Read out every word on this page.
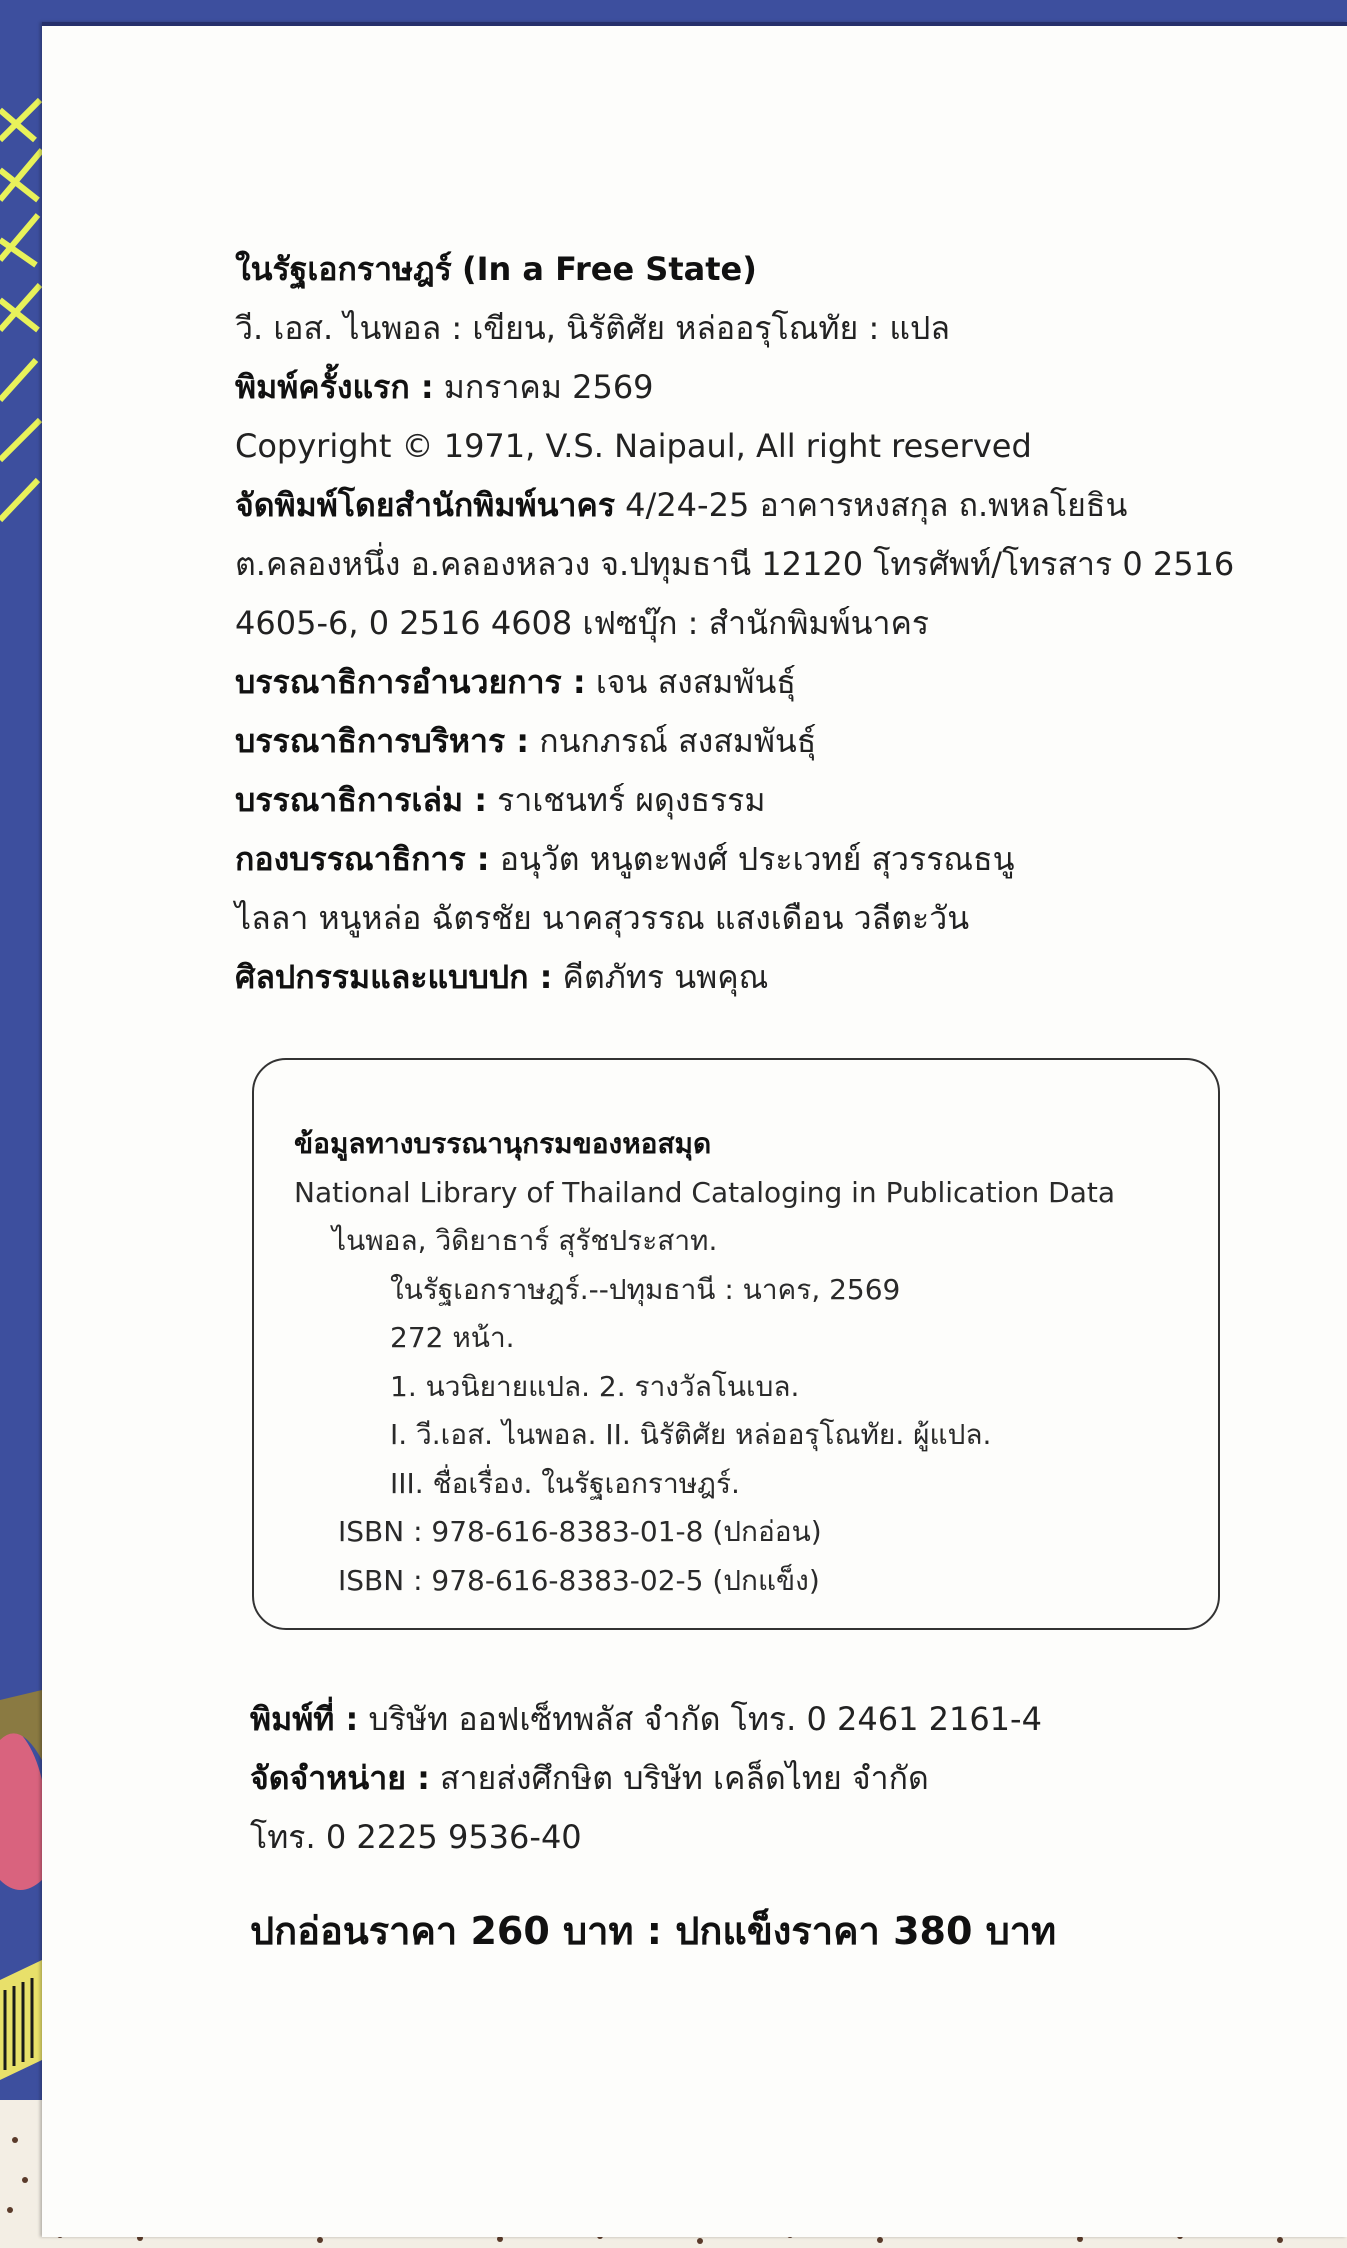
ในรัฐเอกราษฎร์ (In a Free State)
วี. เอส. ไนพอล : เขียน, นิรัติศัย หล่ออรุโณทัย : แปล
พิมพ์ครั้งแรก : มกราคม 2569
Copyright © 1971, V.S. Naipaul, All right reserved
จัดพิมพ์โดยสำนักพิมพ์นาคร 4/24-25 อาคารหงสกุล ถ.พหลโยธิน
ต.คลองหนึ่ง อ.คลองหลวง จ.ปทุมธานี 12120 โทรศัพท์/โทรสาร 0 2516
4605-6, 0 2516 4608 เฟซบุ๊ก : สำนักพิมพ์นาคร
บรรณาธิการอำนวยการ : เจน สงสมพันธุ์
บรรณาธิการบริหาร : กนกภรณ์ สงสมพันธุ์
บรรณาธิการเล่ม : ราเชนทร์ ผดุงธรรม
กองบรรณาธิการ : อนุวัต หนูตะพงศ์ ประเวทย์ สุวรรณธนู
ไลลา หนูหล่อ ฉัตรชัย นาคสุวรรณ แสงเดือน วลีตะวัน
ศิลปกรรมและแบบปก : คีตภัทร นพคุณ
ข้อมูลทางบรรณานุกรมของหอสมุด
National Library of Thailand Cataloging in Publication Data
ไนพอล, วิดิยาธาร์ สุรัชประสาท.
ในรัฐเอกราษฎร์.--ปทุมธานี : นาคร, 2569
272 หน้า.
1. นวนิยายแปล. 2. รางวัลโนเบล.
I. วี.เอส. ไนพอล. II. นิรัติศัย หล่ออรุโณทัย. ผู้แปล.
III. ชื่อเรื่อง. ในรัฐเอกราษฎร์.
ISBN : 978-616-8383-01-8 (ปกอ่อน)
ISBN : 978-616-8383-02-5 (ปกแข็ง)
พิมพ์ที่ : บริษัท ออฟเซ็ทพลัส จำกัด โทร. 0 2461 2161-4
จัดจำหน่าย : สายส่งศึกษิต บริษัท เคล็ดไทย จำกัด
โทร. 0 2225 9536-40
ปกอ่อนราคา 260 บาท : ปกแข็งราคา 380 บาท
